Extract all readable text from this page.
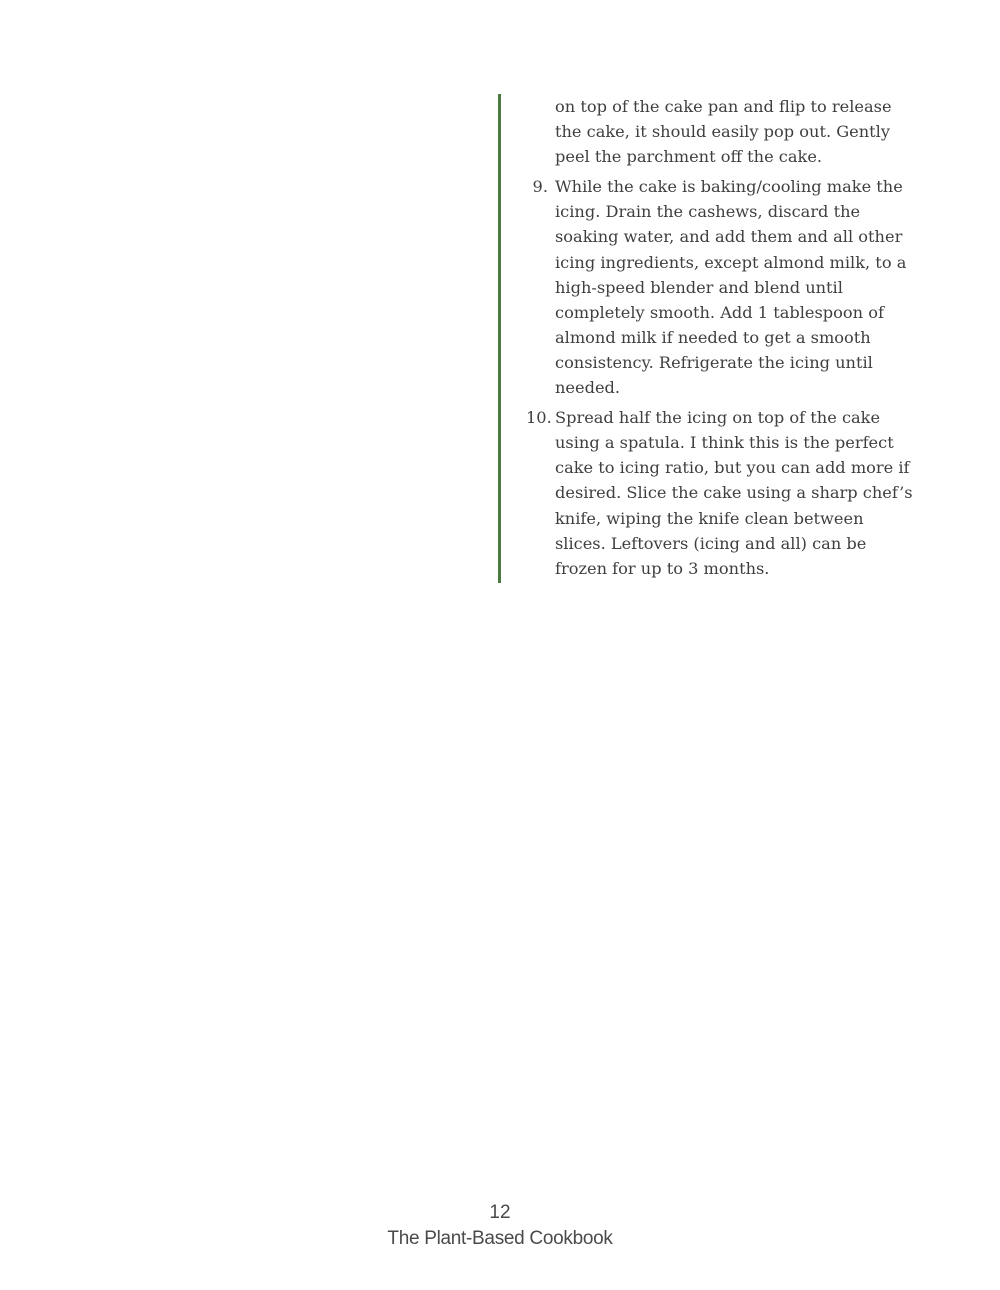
on top of the cake pan and flip to release the cake, it should easily pop out. Gently peel the parchment off the cake.

9. While the cake is baking/cooling make the icing. Drain the cashews, discard the soaking water, and add them and all other icing ingredients, except almond milk, to a high-speed blender and blend until completely smooth. Add 1 tablespoon of almond milk if needed to get a smooth consistency. Refrigerate the icing until needed.
10. Spread half the icing on top of the cake using a spatula. I think this is the perfect cake to icing ratio, but you can add more if desired. Slice the cake using a sharp chef’s knife, wiping the knife clean between slices. Leftovers (icing and all) can be frozen for up to 3 months.
12
The Plant-Based Cookbook
